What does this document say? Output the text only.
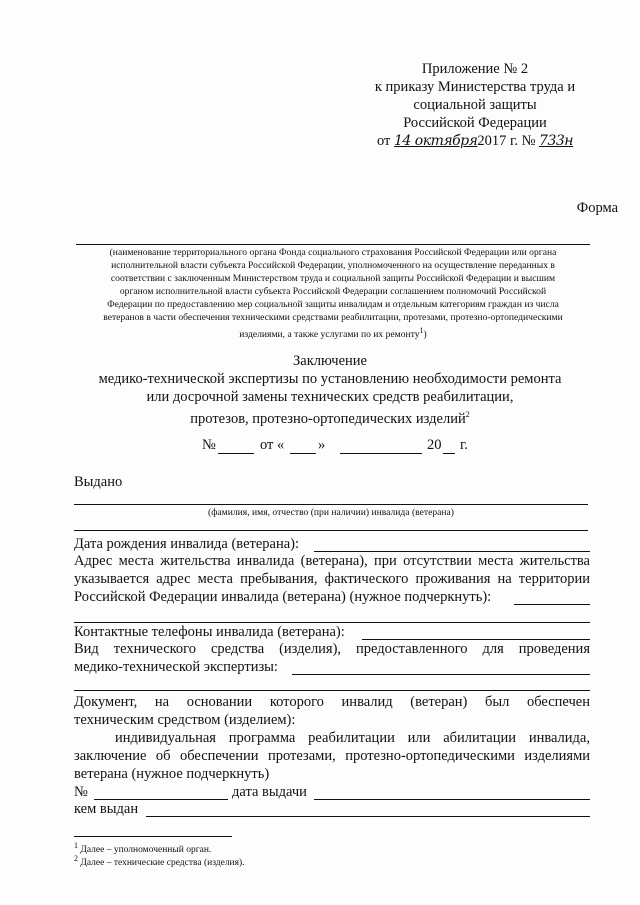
Приложение № 2
к приказу Министерства труда и
социальной защиты
Российской Федерации
от 14 октября2017 г. № 733н
Форма
(наименование территориального органа Фонда социального страхования Российской Федерации или органа
исполнительной власти субъекта Российской Федерации, уполномоченного на осуществление переданных в
соответствии с заключенным Министерством труда и социальной защиты Российской Федерации и высшим
органом исполнительной власти субъекта Российской Федерации соглашением полномочий Российской
Федерации по предоставлению мер социальной защиты инвалидам и отдельным категориям граждан из числа
ветеранов в части обеспечения техническими средствами реабилитации, протезами, протезно-ортопедическими
изделиями, а также услугами по их ремонту$^1$)
Заключение
медико-технической экспертизы по установлению необходимости ремонта
или досрочной замены технических средств реабилитации,
протезов, протезно-ортопедических изделий$^2$
№	от « »	20 г.
Выдано
(фамилия, имя, отчество (при наличии) инвалида (ветерана)
Дата рождения инвалида (ветерана):
Адрес места жительства инвалида (ветерана), при отсутствии места жительства
указывается адрес места пребывания, фактического проживания на территории
Российской Федерации инвалида (ветерана) (нужное подчеркнуть):
Контактные телефоны инвалида (ветерана):
Вид технического средства (изделия), предоставленного для проведения
медико-технической экспертизы:
Документ, на основании которого инвалид (ветеран) был обеспечен
техническим средством (изделием):
индивидуальная программа реабилитации или абилитации инвалида,
заключение об обеспечении протезами, протезно-ортопедическими изделиями
ветерана (нужное подчеркнуть)
№	дата выдачи
кем выдан
$^1$ Далее – уполномоченный орган.
$^2$ Далее – технические средства (изделия).
